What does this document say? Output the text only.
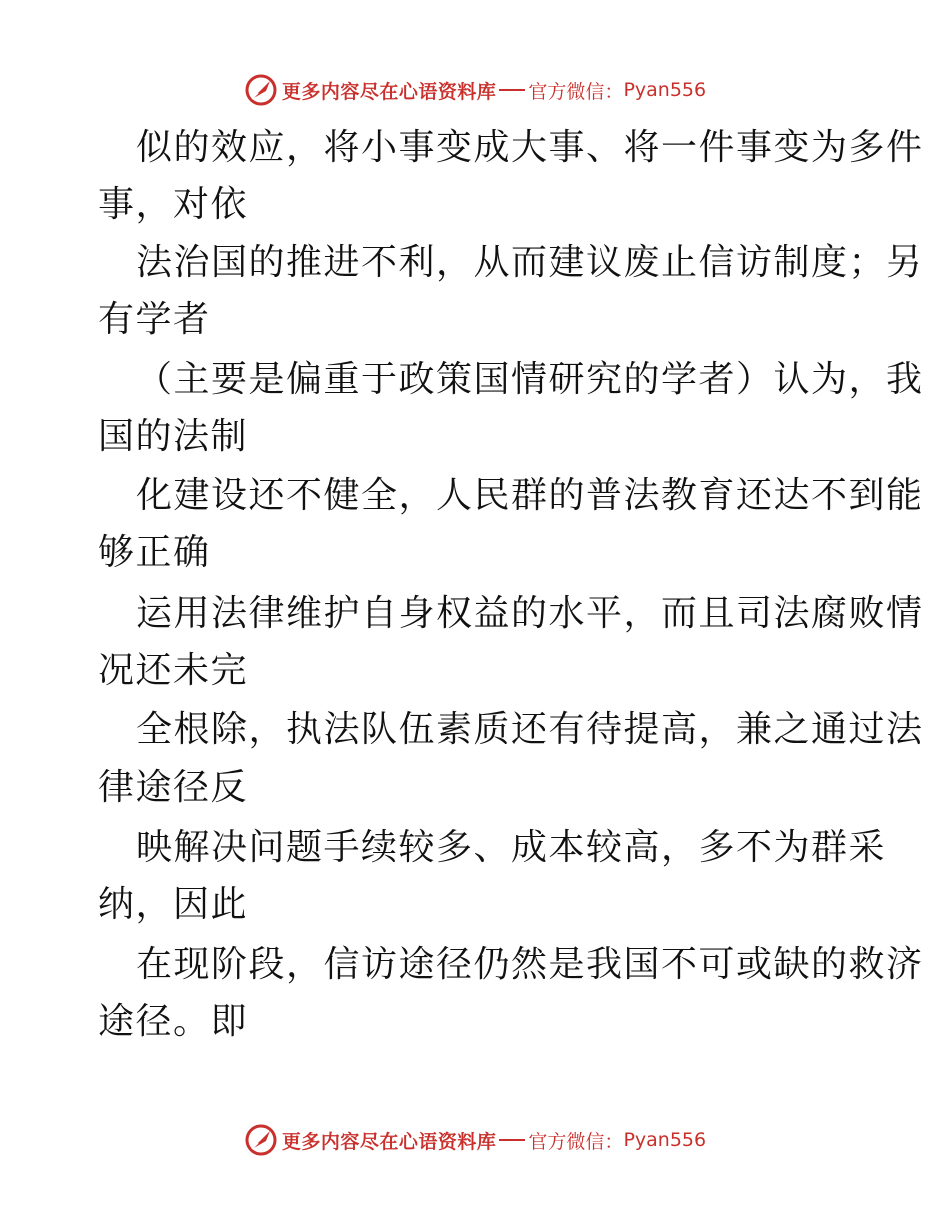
更多内容尽在心语资料库 官方微信： Pyan556
似的效应，将小事变成大事、将一件事变为多件
事，对依
法治国的推进不利，从而建议废止信访制度；另
有学者
（主要是偏重于政策国情研究的学者）认为，我
国的法制
化建设还不健全，人民群的普法教育还达不到能
够正确
运用法律维护自身权益的水平，而且司法腐败情
况还未完
全根除，执法队伍素质还有待提高，兼之通过法
律途径反
映解决问题手续较多、成本较高，多不为群采
纳，因此
在现阶段，信访途径仍然是我国不可或缺的救济
途径。即
更多内容尽在心语资料库 官方微信： Pyan556
